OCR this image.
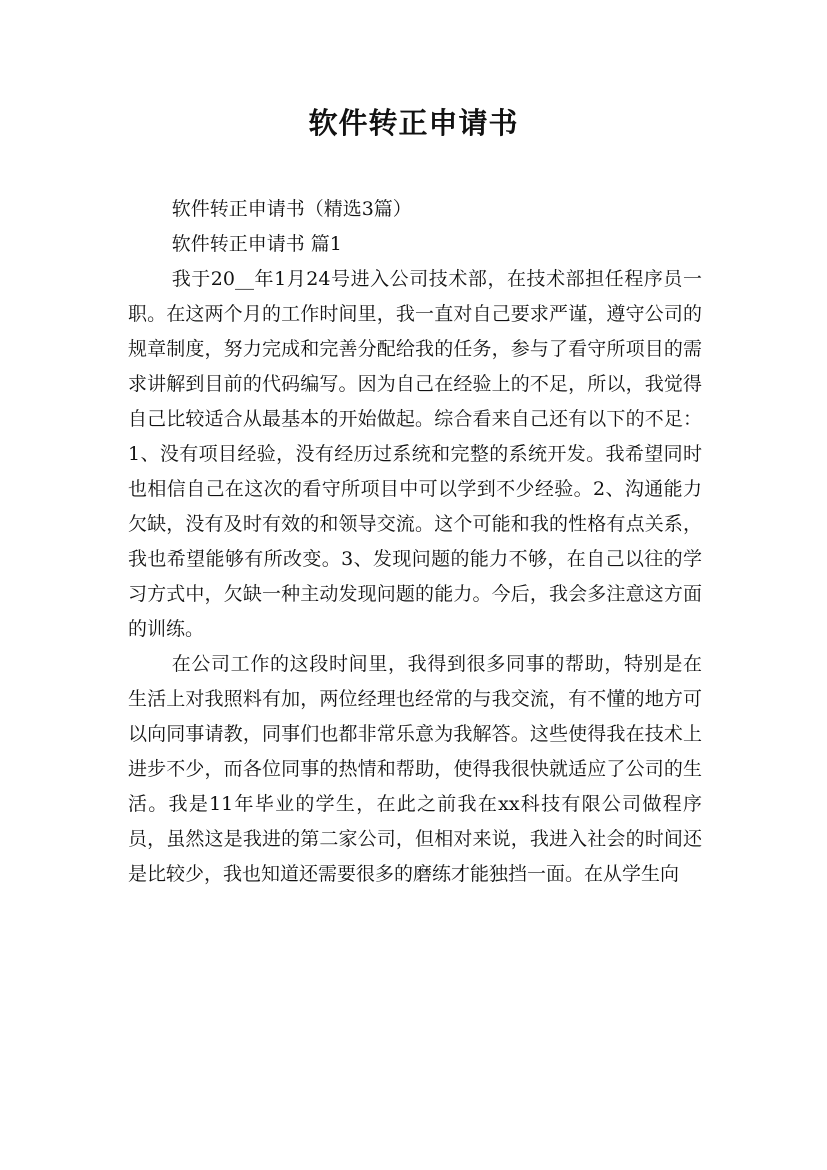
软件转正申请书

软件转正申请书（精选3篇）

软件转正申请书 篇1

我于20__年1月24号进入公司技术部，在技术部担任程序员一职。在这两个月的工作时间里，我一直对自己要求严谨，遵守公司的规章制度，努力完成和完善分配给我的任务，参与了看守所项目的需求讲解到目前的代码编写。因为自己在经验上的不足，所以，我觉得自己比较适合从最基本的开始做起。综合看来自己还有以下的不足：1、没有项目经验，没有经历过系统和完整的系统开发。我希望同时也相信自己在这次的看守所项目中可以学到不少经验。2、沟通能力欠缺，没有及时有效的和领导交流。这个可能和我的性格有点关系，我也希望能够有所改变。3、发现问题的能力不够，在自己以往的学习方式中，欠缺一种主动发现问题的能力。今后，我会多注意这方面的训练。

在公司工作的这段时间里，我得到很多同事的帮助，特别是在生活上对我照料有加，两位经理也经常的与我交流，有不懂的地方可以向同事请教，同事们也都非常乐意为我解答。这些使得我在技术上进步不少，而各位同事的热情和帮助，使得我很快就适应了公司的生活。我是11年毕业的学生，在此之前我在xx科技有限公司做程序员，虽然这是我进的第二家公司，但相对来说，我进入社会的时间还是比较少，我也知道还需要很多的磨练才能独挡一面。在从学生向
